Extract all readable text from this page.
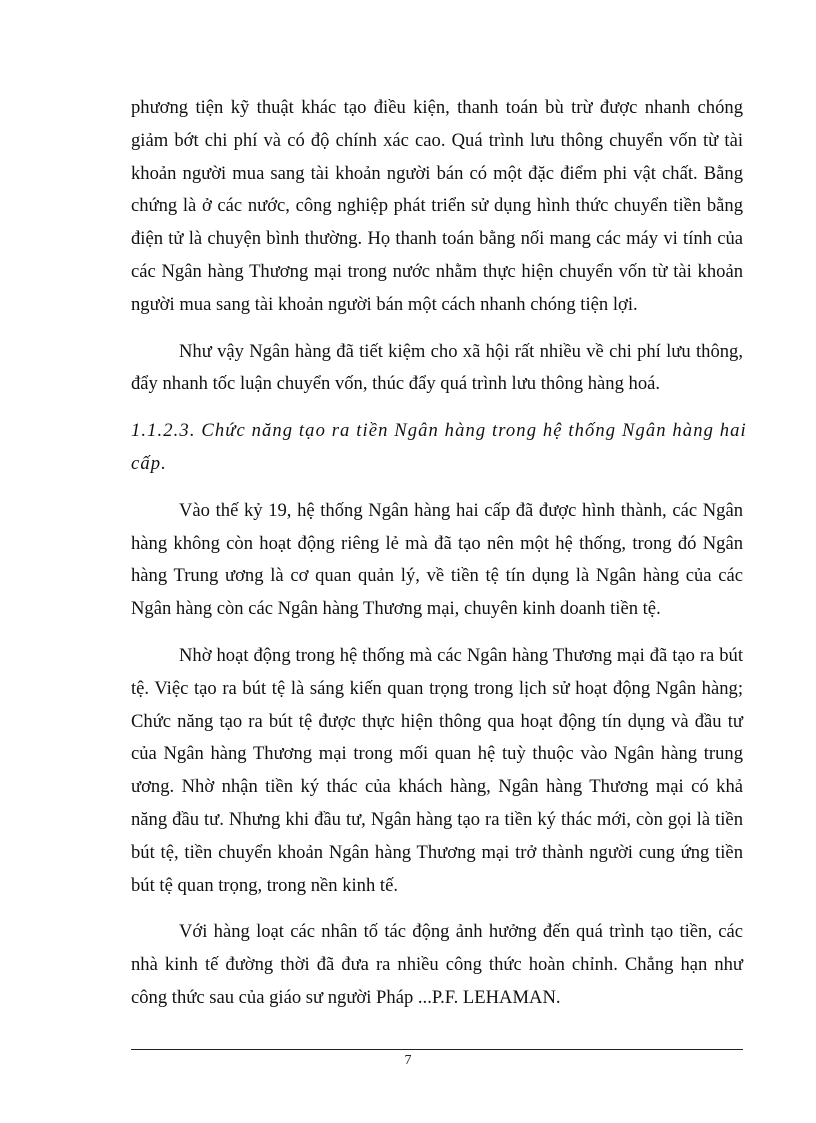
phương tiện kỹ thuật khác tạo điều kiện, thanh toán bù trừ được nhanh chóng
giảm bớt chi phí và có độ chính xác cao. Quá trình lưu thông chuyển vốn từ tài
khoản người mua sang tài khoản người bán có một đặc điểm phi vật chất. Bằng
chứng là ở các nước, công nghiệp phát triển sử dụng hình thức chuyển tiền bằng
điện tử là chuyện bình thường. Họ thanh toán bằng nối mang các máy vi tính của
các Ngân hàng Thương mại trong nước nhằm thực hiện chuyển vốn từ tài khoản
người mua sang tài khoản người bán một cách nhanh chóng tiện lợi.
Như vậy Ngân hàng đã tiết kiệm cho xã hội rất nhiều về chi phí lưu thông,
đẩy nhanh tốc luận chuyển vốn, thúc đẩy quá trình lưu thông hàng hoá.
1.1.2.3. Chức năng tạo ra tiền Ngân hàng trong hệ thống Ngân hàng hai
cấp.
Vào thế kỷ 19, hệ thống Ngân hàng hai cấp đã được hình thành, các Ngân
hàng không còn hoạt động riêng lẻ mà đã tạo nên một hệ thống, trong đó Ngân
hàng Trung ương là cơ quan quản lý, về tiền tệ tín dụng là Ngân hàng của các
Ngân hàng còn các Ngân hàng Thương mại, chuyên kinh doanh tiền tệ.
Nhờ hoạt động trong hệ thống mà các Ngân hàng Thương mại đã tạo ra bút
tệ. Việc tạo ra bút tệ là sáng kiến quan trọng trong lịch sử hoạt động Ngân hàng;
Chức năng tạo ra bút tệ được thực hiện thông qua hoạt động tín dụng và đầu tư
của Ngân hàng Thương mại trong mối quan hệ tuỳ thuộc vào Ngân hàng trung
ương. Nhờ nhận tiền ký thác của khách hàng, Ngân hàng Thương mại có khả
năng đầu tư. Nhưng khi đầu tư, Ngân hàng tạo ra tiền ký thác mới, còn gọi là tiền
bút tệ, tiền chuyển khoản Ngân hàng Thương mại trở thành người cung ứng tiền
bút tệ quan trọng, trong nền kinh tế.
Với hàng loạt các nhân tố tác động ảnh hưởng đến quá trình tạo tiền, các
nhà kinh tế đường thời đã đưa ra nhiều công thức hoàn chỉnh. Chẳng hạn như
công thức sau của giáo sư người Pháp ...P.F. LEHAMAN.
7
